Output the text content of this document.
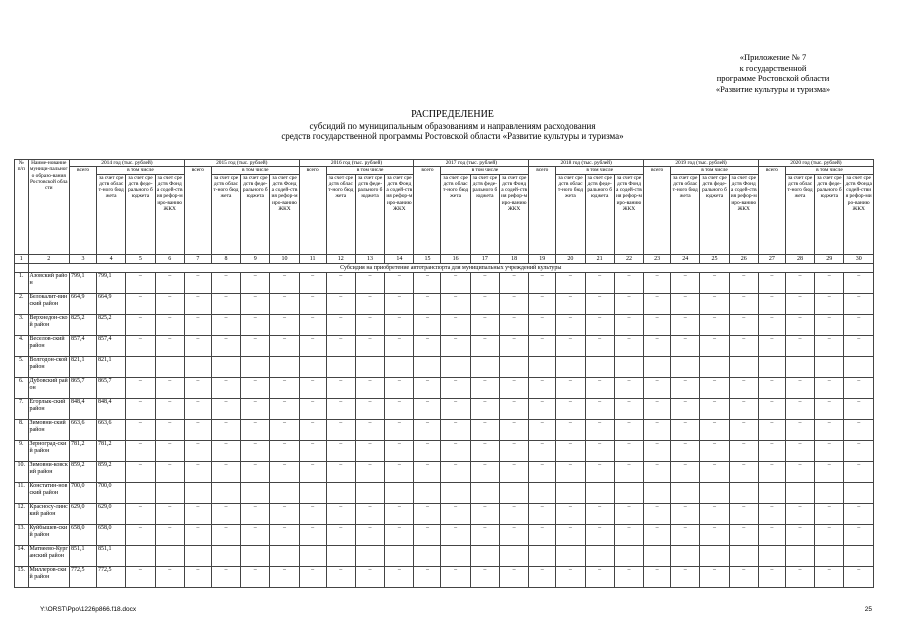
«Приложение № 7
к государственной
программе Ростовской области
«Развитие культуры и туризма»
РАСПРЕДЕЛЕНИЕ
субсидий по муниципальным образованиям и направлениям расходования
средств государственной программы Ростовской области «Развитие культуры и туризма»
№ п/п	Наиме-нование муници-пального образо-вания Ростовской области	2014 год (тыс. рублей)				2015 год (тыс. рублей)				2016 год (тыс. рублей)				2017 год (тыс. рублей)				2018 год (тыс. рублей)				2019 год (тыс. рублей)				2020 год (тыс. рублей)			
		всего	в том числе			всего	в том числе			всего	в том числе			всего	в том числе			всего	в том числе			всего	в том числе			всего	в том числе		
			за счет средств област-ного бюджета	за счет средств феде-рального бюджета	за счет средств Фонда содей-ствия рефор-миро-ванию ЖКХ		за счет средств област-ного бюджета	за счет средств феде-рального бюджета	за счет средств Фонда содей-ствия рефор-миро-ванию ЖКХ		за счет средств област-ного бюджета	за счет средств феде-рального бюджета	за счет средств Фонда содей-ствия рефор-миро-ванию ЖКХ		за счет средств област-ного бюджета	за счет средств феде-рального бюджета	за счет средств Фонда содей-ствия рефор-миро-ванию ЖКХ		за счет средств област-ного бюджета	за счет средств феде-рального бюджета	за счет средств Фонда содей-ствия рефор-миро-ванию ЖКХ		за счет средств област-ного бюджета	за счет средств феде-рального бюджета	за счет средств Фонда содей-ствия рефор-миро-ванию ЖКХ		за счет средств област-ного бюджета	за счет средств феде-рального бюджета	за счет средств Фонда содей-ствия рефор-миро-ванию ЖКХ
1	2	3	4	5	6	7	8	9	10	11	12	13	14	15	16	17	18	19	20	21	22	23	24	25	26	27	28	29	30
	Субсидия на приобретение автотранспорта для муниципальных учреждений культуры																												
1.	Азовский район	799,1	799,1	–	–	–	–	–	–	–	–	–	–	–	–	–	–	–	–	–	–	–	–	–	–	–	–	–	–
2.	Белокалит-винский район	664,9	664,9	–	–	–	–	–	–	–	–	–	–	–	–	–	–	–	–	–	–	–	–	–	–	–	–	–	–
3.	Верхнедон-ской район	825,2	825,2	–	–	–	–	–	–	–	–	–	–	–	–	–	–	–	–	–	–	–	–	–	–	–	–	–	–
4.	Веселов-ский район	857,4	857,4	–	–	–	–	–	–	–	–	–	–	–	–	–	–	–	–	–	–	–	–	–	–	–	–	–	–
5.	Волгодон-ской район	821,1	821,1																										
6.	Дубовский район	865,7	865,7	–	–	–	–	–	–	–	–	–	–	–	–	–	–	–	–	–	–	–	–	–	–	–	–	–	–
7.	Егорлык-ский район	848,4	848,4	–	–	–	–	–	–	–	–	–	–	–	–	–	–	–	–	–	–	–	–	–	–	–	–	–	–
8.	Зимовни-ский район	663,6	663,6	–	–	–	–	–	–	–	–	–	–	–	–	–	–	–	–	–	–	–	–	–	–	–	–	–	–
9.	Зерноград-ский район	781,2	781,2	–	–	–	–	–	–	–	–	–	–	–	–	–	–	–	–	–	–	–	–	–	–	–	–	–	–
10.	Зимовни-ковский район	859,2	859,2	–	–	–	–	–	–	–	–	–	–	–	–	–	–	–	–	–	–	–	–	–	–	–	–	–	–
11.	Констатин-новский район	700,0	700,0																										
12.	Красносу-линский район	629,0	629,0	–	–	–	–	–	–	–	–	–	–	–	–	–	–	–	–	–	–	–	–	–	–	–	–	–	–
13.	Куйбышев-ский район	658,0	658,0	–	–	–	–	–	–	–	–	–	–	–	–	–	–	–	–	–	–	–	–	–	–	–	–	–	–
14.	Матвеево-Курганский район	851,1	851,1																										
15.	Миллеров-ский район	772,5	772,5	–	–	–	–	–	–	–	–	–	–	–	–	–	–	–	–	–	–	–	–	–	–	–	–	–	–
Y:\ORST\Ppo\1226p866.f18.docx	25
